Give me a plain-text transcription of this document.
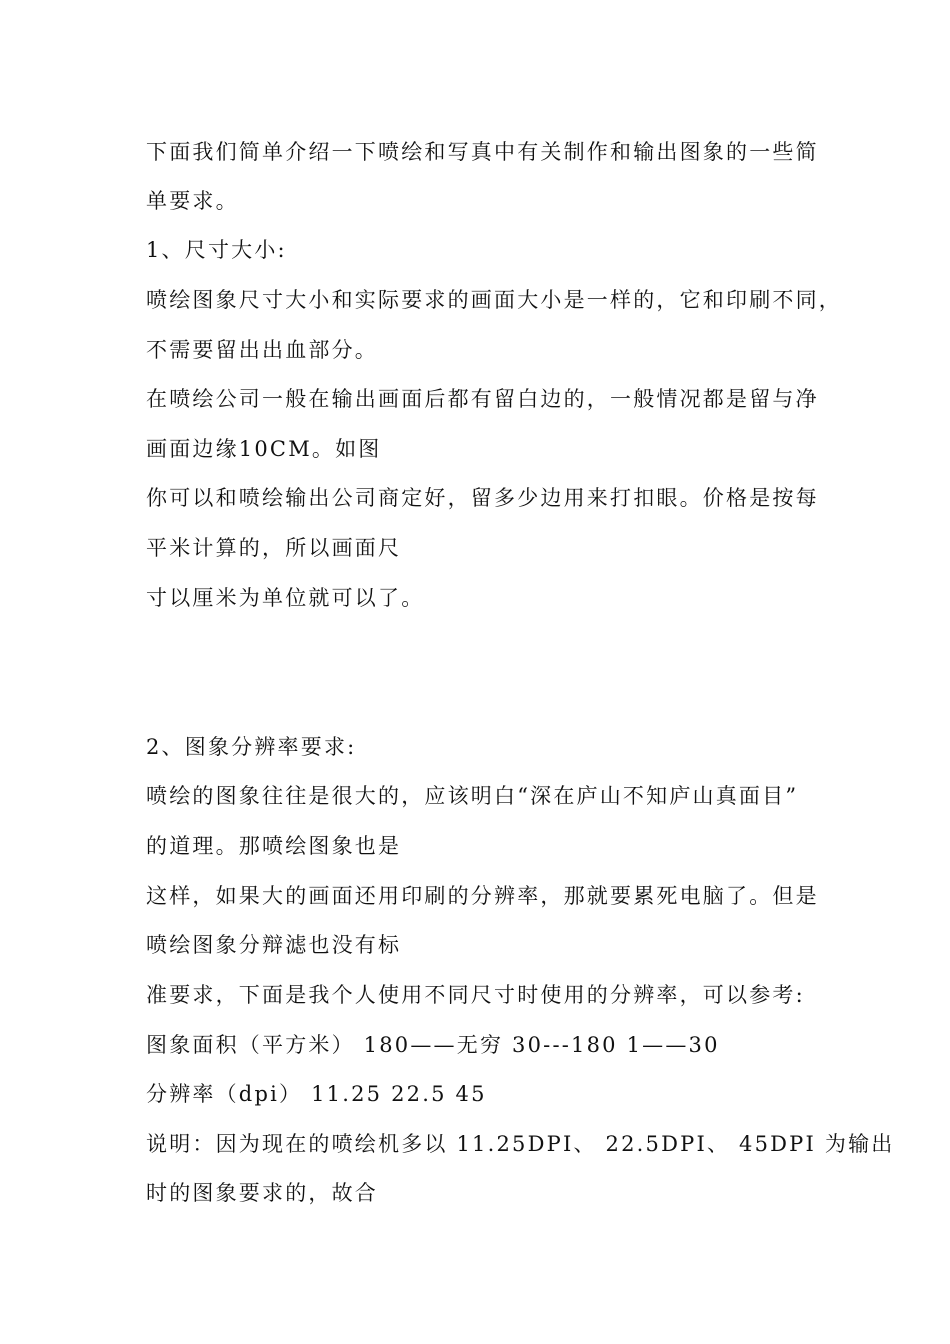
下面我们简单介绍一下喷绘和写真中有关制作和输出图象的一些简
单要求。
1、尺寸大小:
喷绘图象尺寸大小和实际要求的画面大小是一样的，它和印刷不同，
不需要留出出血部分。
在喷绘公司一般在输出画面后都有留白边的，一般情况都是留与净
画面边缘10CM。如图
你可以和喷绘输出公司商定好，留多少边用来打扣眼。价格是按每
平米计算的，所以画面尺
寸以厘米为单位就可以了。
2、图象分辨率要求:
喷绘的图象往往是很大的，应该明白“深在庐山不知庐山真面目”
的道理。那喷绘图象也是
这样，如果大的画面还用印刷的分辨率，那就要累死电脑了。但是
喷绘图象分辩滤也没有标
准要求，下面是我个人使用不同尺寸时使用的分辨率，可以参考:
图象面积（平方米） 180——无穷 30---180 1——30
分辨率（dpi） 11.25 22.5 45
说明：因为现在的喷绘机多以 11.25DPI、 22.5DPI、 45DPI 为输出
时的图象要求的，故合
